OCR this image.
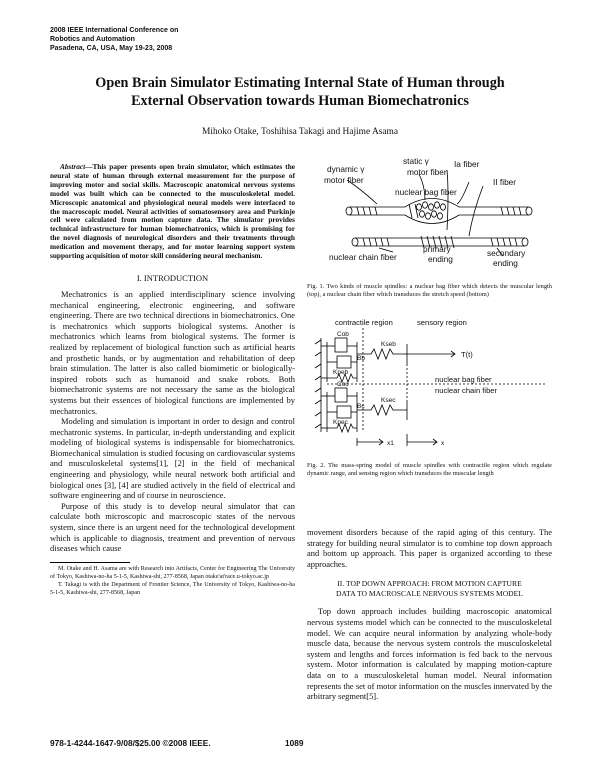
2008 IEEE International Conference on
Robotics and Automation
Pasadena, CA, USA, May 19-23, 2008
Open Brain Simulator Estimating Internal State of Human through
External Observation towards Human Biomechatronics
Mihoko Otake, Toshihisa Takagi and Hajime Asama

Abstract—This paper presents open brain simulator, which estimates the neural state of human through external measurement for the purpose of improving motor and social skills. Macroscopic anatomical nervous systems model was built which can be connected to the musculoskeletal model. Microscopic anatomical and physiological neural models were interfaced to the macroscopic model. Neural activities of somatosensory area and Purkinje cell were calculated from motion capture data. The simulator provides technical infrastructure for human biomechatronics, which is promising for the novel diagnosis of neurological disorders and their treatments through medication and movement therapy, and for motor learning support system supporting acquisition of motor skill considering neural mechanism.

I. INTRODUCTION

Mechatronics is an applied interdisciplinary science involving mechanical engineering, electronic engineering, and software engineering. There are two technical directions in biomechatronics. One is mechatronics which supports biological systems. Another is mechatronics which learns from biological systems. The former is realized by replacement of biological function such as artificial hearts and prosthetic hands, or by augmentation and rehabilitation of deep brain stimulation. The latter is also called biomimetic or biologically-inspired robots such as humanoid and snake robots. Both biomechatronic systems are not necessary the same as the biological systems but their essences of biological functions are implemented by mechatronics.

Modeling and simulation is important in order to design and control mechatronic systems. In particular, in-depth understanding and explicit modeling of biological systems is indispensable for biomechatronics. Biomechanical simulation is studied focusing on cardiovascular systems and musculoskeletal systems[1], [2] in the field of mechanical engineering and physiology, while neural network both artificial and biological ones [3], [4] are studied actively in the field of electrical and software engineering and of course in neuroscience.

Purpose of this study is to develop neural simulator that can calculate both microscopic and macroscopic states of the nervous system, since there is an urgent need for the technological development which is applicable to diagnosis, treatment and prevention of nervous diseases which cause

M. Otake and H. Asama are with Research into Artifacts, Center for Engineering The University of Tokyo, Kashiwa-no-ha 5-1-5, Kashiwa-shi, 277-8568, Japan otake'at'race.u-tokyo.ac.jp

T. Takagi is with the Department of Frontier Science, The University of Tokyo, Kashiwa-no-ha 5-1-5, Kashiwa-shi, 277-8568, Japan

dynamic γ
motor fiber
static γ
motor fiber
Ia fiber
II fiber
nuclear bag fiber
nuclear chain fiber
primary
ending
secondary
ending

Fig. 1. Two kinds of muscle spindles: a nuclear bag fiber which detects the muscular length (top), a nuclear chain fiber which transduces the stretch speed (bottom)

contractile region	sensory region
Cob
Bb
Kseb
Kpeb
T(t)
nuclear bag fiber
nuclear chain fiber
Coc
Bc
Ksec
Kpec
x1	x

Fig. 2. The mass-spring model of muscle spindles with contractile region which regulate dynamic range, and sensing region which transduces the muscular length

movement disorders because of the rapid aging of this century. The strategy for building neural simulator is to combine top down approach and bottom up approach. This paper is organized according to these approaches.

II. TOP DOWN APPROACH: FROM MOTION CAPTURE
DATA TO MACROSCALE NERVOUS SYSTEMS MODEL

Top down approach includes building macroscopic anatomical nervous systems model which can be connected to the musculoskeletal model. We can acquire neural information by analyzing whole-body muscle data, because the nervous system controls the musculoskeletal system and lengths and forces information is fed back to the nervous system. Motor information is calculated by mapping motion-capture data on to a musculoskeletal human model. Neural information represents the set of motor information on the muscles innervated by the arbitrary segment[5].

978-1-4244-1647-9/08/$25.00 ©2008 IEEE.	1089
